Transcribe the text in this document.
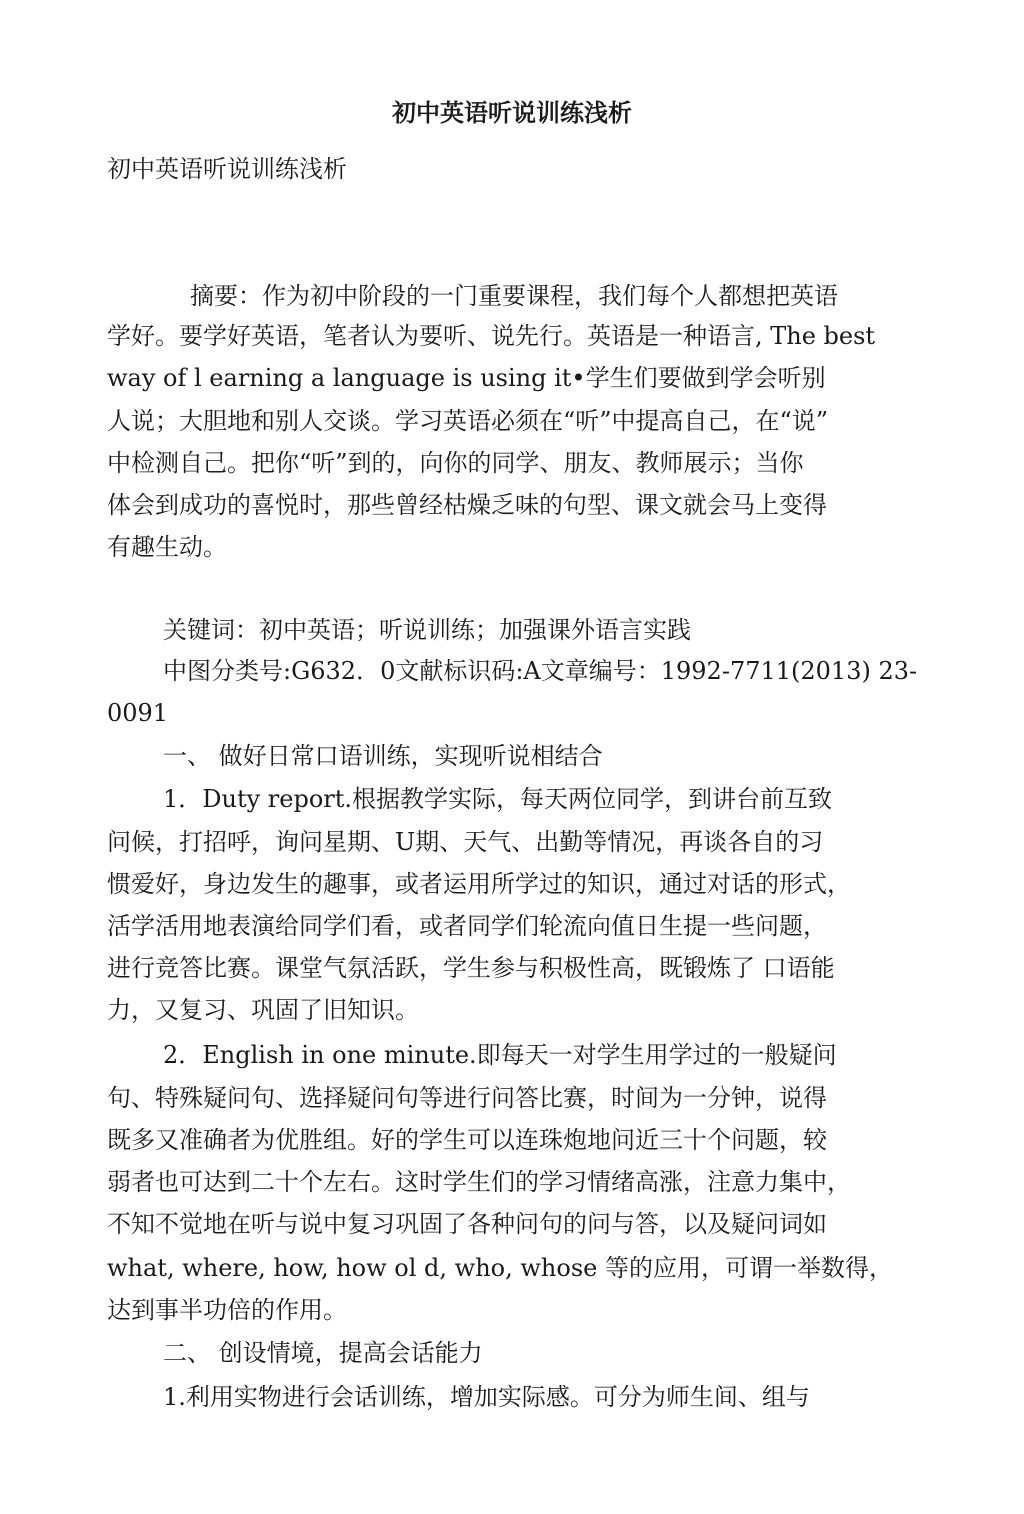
初中英语听说训练浅析
初中英语听说训练浅析
摘要：作为初中阶段的一门重要课程，我们每个人都想把英语
学好。要学好英语，笔者认为要听、说先行。英语是一种语言, The best
way of l earning a language is using it•学生们要做到学会听别
人说；大胆地和别人交谈。学习英语必须在“听”中提高自己，在“说”
中检测自己。把你“听”到的，向你的同学、朋友、教师展示；当你
体会到成功的喜悦时，那些曾经枯燥乏味的句型、课文就会马上变得
有趣生动。
关键词：初中英语；听说训练；加强课外语言实践
中图分类号:G632．0文献标识码:A文章编号：1992-7711(2013) 23-
0091
一、 做好日常口语训练，实现听说相结合
1．Duty report.根据教学实际，每天两位同学，到讲台前互致
问候，打招呼，询问星期、U期、天气、出勤等情况，再谈各自的习
惯爱好，身边发生的趣事，或者运用所学过的知识，通过对话的形式，
活学活用地表演给同学们看，或者同学们轮流向值日生提一些问题，
进行竞答比赛。课堂气氛活跃，学生参与积极性高，既锻炼了 口语能
力，又复习、巩固了旧知识。
2．English in one minute.即每天一对学生用学过的一般疑问
句、特殊疑问句、选择疑问句等进行问答比赛，时间为一分钟，说得
既多又准确者为优胜组。好的学生可以连珠炮地问近三十个问题，较
弱者也可达到二十个左右。这时学生们的学习情绪高涨，注意力集中，
不知不觉地在听与说中复习巩固了各种问句的问与答，以及疑问词如
what, where, how, how ol d, who, whose 等的应用，可谓一举数得，
达到事半功倍的作用。
二、 创设情境，提高会话能力
1.利用实物进行会话训练，增加实际感。可分为师生间、组与
